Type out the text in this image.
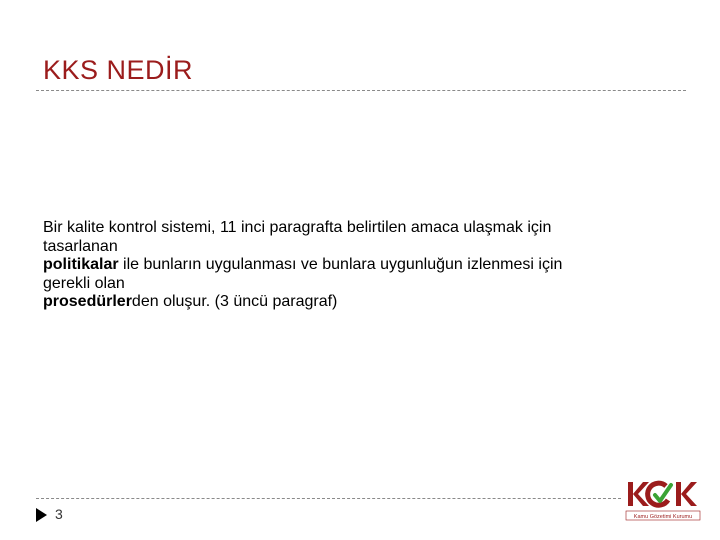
KKS NEDİR

Bir kalite kontrol sistemi, 11 inci paragrafta belirtilen amaca ulaşmak için

tasarlanan

politikalar ile bunların uygulanması ve bunlara uygunluğun izlenmesi için

gerekli olan

prosedürlerden oluşur. (3 üncü paragraf)

3	Kamu Gözetimi Kurumu
